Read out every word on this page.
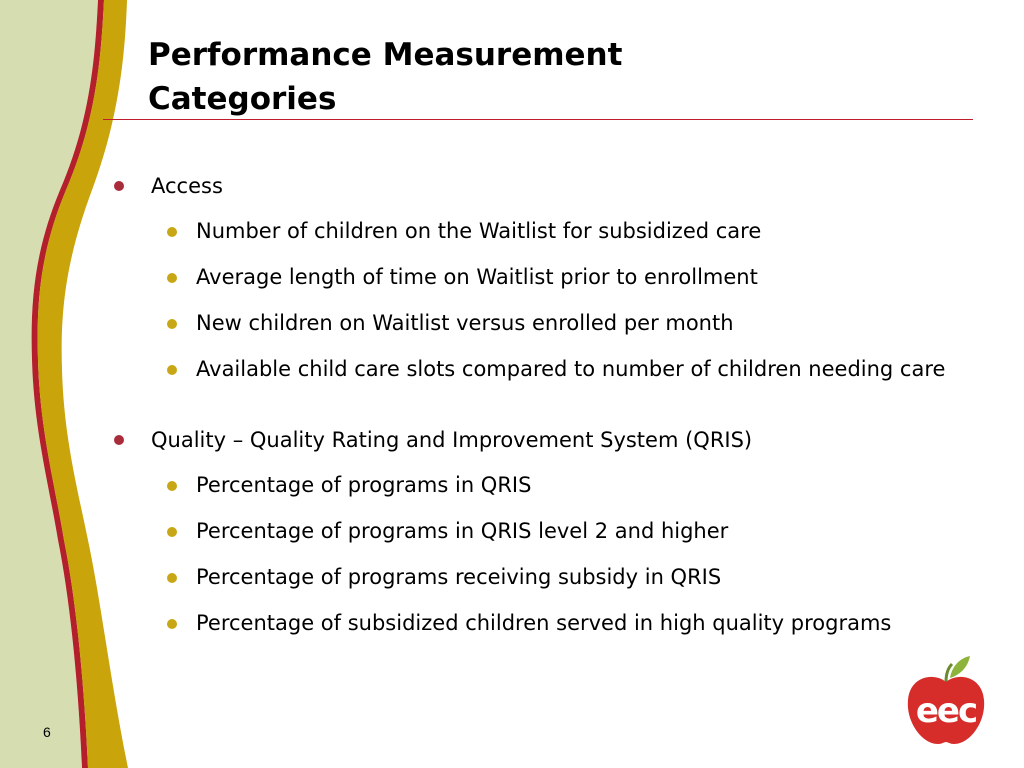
Performance Measurement
Categories
Access
Number of children on the Waitlist for subsidized care
Average length of time on Waitlist prior to enrollment
New children on Waitlist versus enrolled per month
Available child care slots compared to number of children needing care
Quality – Quality Rating and Improvement System (QRIS)
Percentage of programs in QRIS
Percentage of programs in QRIS level 2 and higher
Percentage of programs receiving subsidy in QRIS
Percentage of subsidized children served in high quality programs
6
eec
